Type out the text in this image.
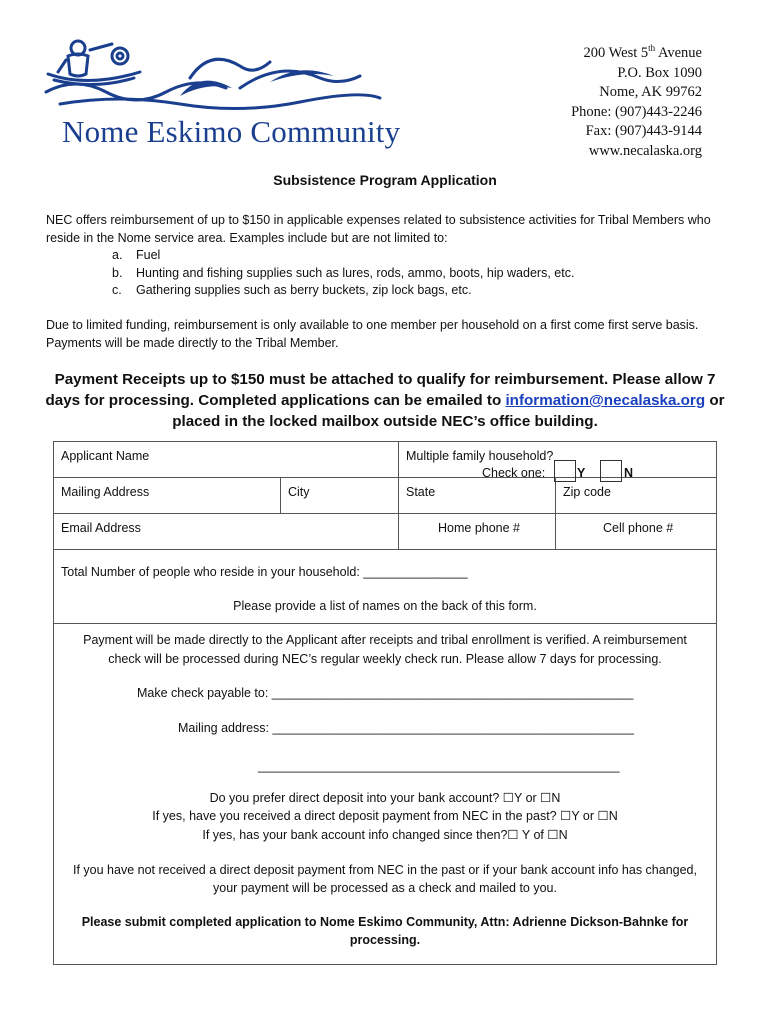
Nome Eskimo Community
200 West 5th Avenue
P.O. Box 1090
Nome, AK 99762
Phone: (907)443-2246
Fax: (907)443-9144
www.necalaska.org
Subsistence Program Application
NEC offers reimbursement of up to $150 in applicable expenses related to subsistence activities for Tribal Members who reside in the Nome service area. Examples include but are not limited to:
a.	Fuel
b.	Hunting and fishing supplies such as lures, rods, ammo, boots, hip waders, etc.
c.	Gathering supplies such as berry buckets, zip lock bags, etc.
Due to limited funding, reimbursement is only available to one member per household on a first come first serve basis. Payments will be made directly to the Tribal Member.
Payment Receipts up to $150 must be attached to qualify for reimbursement. Please allow 7 days for processing. Completed applications can be emailed to information@necalaska.org or placed in the locked mailbox outside NEC’s office building.
Applicant Name	Multiple family household?
Check one:	Y	N
Mailing Address	City	State	Zip code
Email Address	Home phone #	Cell phone #
Total Number of people who reside in your household: _______________
Please provide a list of names on the back of this form.
Payment will be made directly to the Applicant after receipts and tribal enrollment is verified. A reimbursement
check will be processed during NEC’s regular weekly check run. Please allow 7 days for processing.
Make check payable to: ____________________________________________________
Mailing address: ____________________________________________________
____________________________________________________
Do you prefer direct deposit into your bank account? ☐Y or ☐N
If yes, have you received a direct deposit payment from NEC in the past? ☐Y or ☐N
If yes, has your bank account info changed since then?☐ Y of ☐N
If you have not received a direct deposit payment from NEC in the past or if your bank account info has changed,
your payment will be processed as a check and mailed to you.
Please submit completed application to Nome Eskimo Community, Attn: Adrienne Dickson-Bahnke for
processing.
